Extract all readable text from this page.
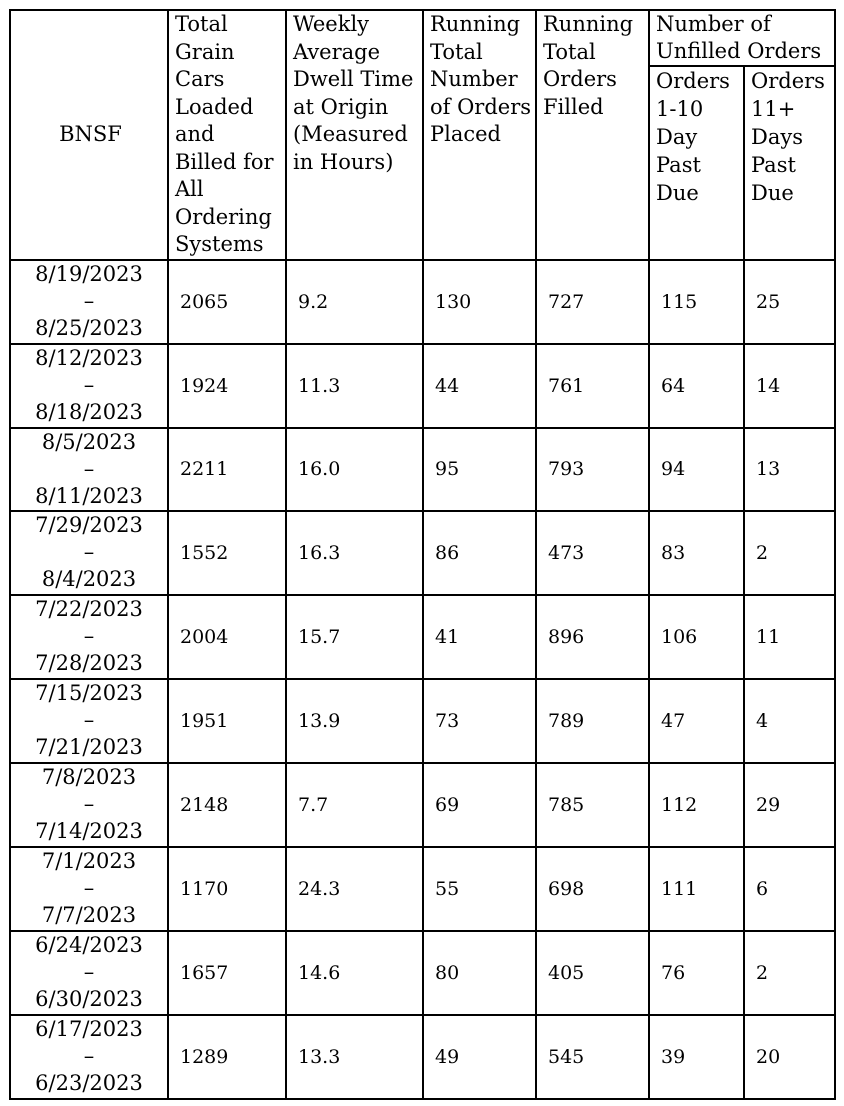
BNSF	Total Grain Cars Loaded and Billed for All Ordering Systems	Weekly Average Dwell Time at Origin (Measured in Hours)	Running Total Number of Orders Placed	Running Total Orders Filled	Number of Unfilled Orders	
					Orders 1-10 Day Past Due	Orders 11+ Days Past Due

8/19/2023
–
8/25/2023	2065	9.2	130	727	115	25

8/12/2023
–
8/18/2023	1924	11.3	44	761	64	14

8/5/2023
–
8/11/2023	2211	16.0	95	793	94	13

7/29/2023
–
8/4/2023	1552	16.3	86	473	83	2

7/22/2023
–
7/28/2023	2004	15.7	41	896	106	11

7/15/2023
–
7/21/2023	1951	13.9	73	789	47	4

7/8/2023
–
7/14/2023	2148	7.7	69	785	112	29

7/1/2023
–
7/7/2023	1170	24.3	55	698	111	6

6/24/2023
–
6/30/2023	1657	14.6	80	405	76	2

6/17/2023
–
6/23/2023	1289	13.3	49	545	39	20
